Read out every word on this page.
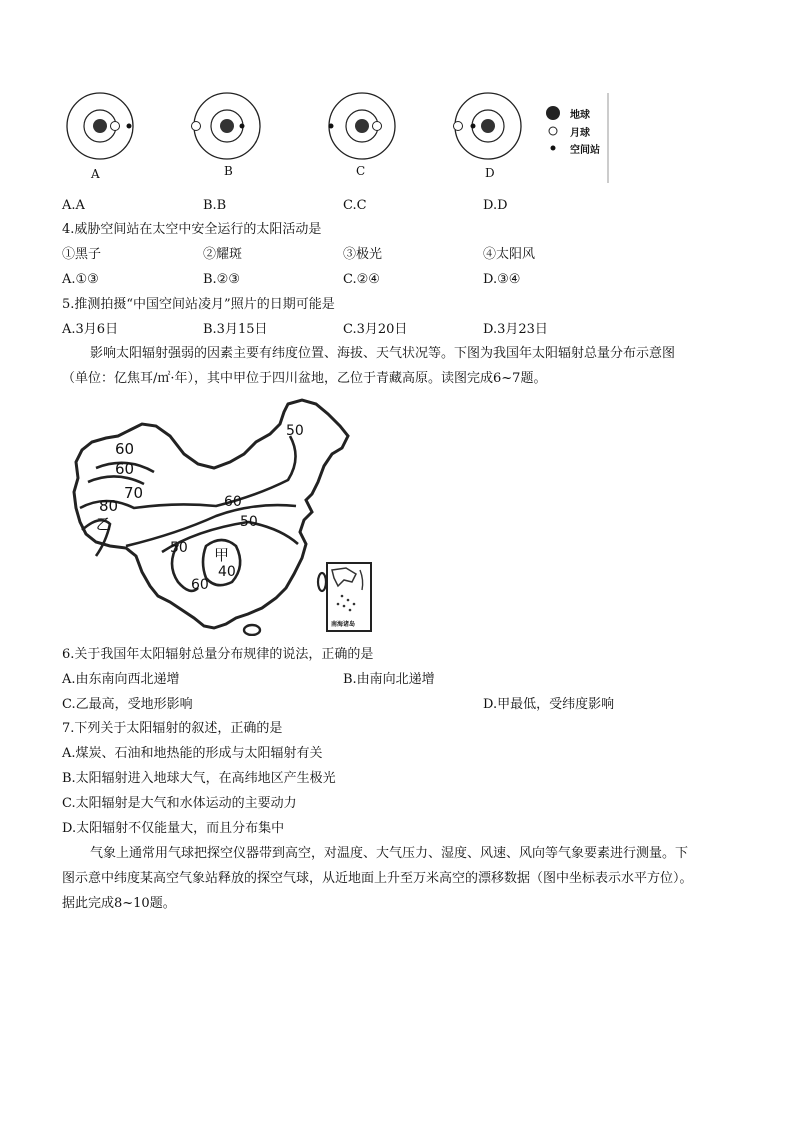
地球
月球
空间站
A	B	C	D
A.A	B.B	C.C	D.D
4.威胁空间站在太空中安全运行的太阳活动是
①黑子	②耀斑	③极光	④太阳风
A.①③	B.②③	C.②④	D.③④
5.推测拍摄“中国空间站凌月”照片的日期可能是
A.3月6日	B.3月15日	C.3月20日	D.3月23日
影响太阳辐射强弱的因素主要有纬度位置、海拔、天气状况等。下图为我国年太阳辐射总量分布示意图
（单位：亿焦耳/㎡·年），其中甲位于四川盆地，乙位于青藏高原。读图完成6~7题。
50
60
60
70	60
80
乙	50
50 甲
40
60
南海诸岛
6.关于我国年太阳辐射总量分布规律的说法，正确的是
A.由东南向西北递增	B.由南向北递增
C.乙最高，受地形影响	D.甲最低，受纬度影响
7.下列关于太阳辐射的叙述，正确的是
A.煤炭、石油和地热能的形成与太阳辐射有关
B.太阳辐射进入地球大气，在高纬地区产生极光
C.太阳辐射是大气和水体运动的主要动力
D.太阳辐射不仅能量大，而且分布集中
气象上通常用气球把探空仪器带到高空，对温度、大气压力、湿度、风速、风向等气象要素进行测量。下
图示意中纬度某高空气象站释放的探空气球，从近地面上升至万米高空的漂移数据（图中坐标表示水平方位）。
据此完成8~10题。
